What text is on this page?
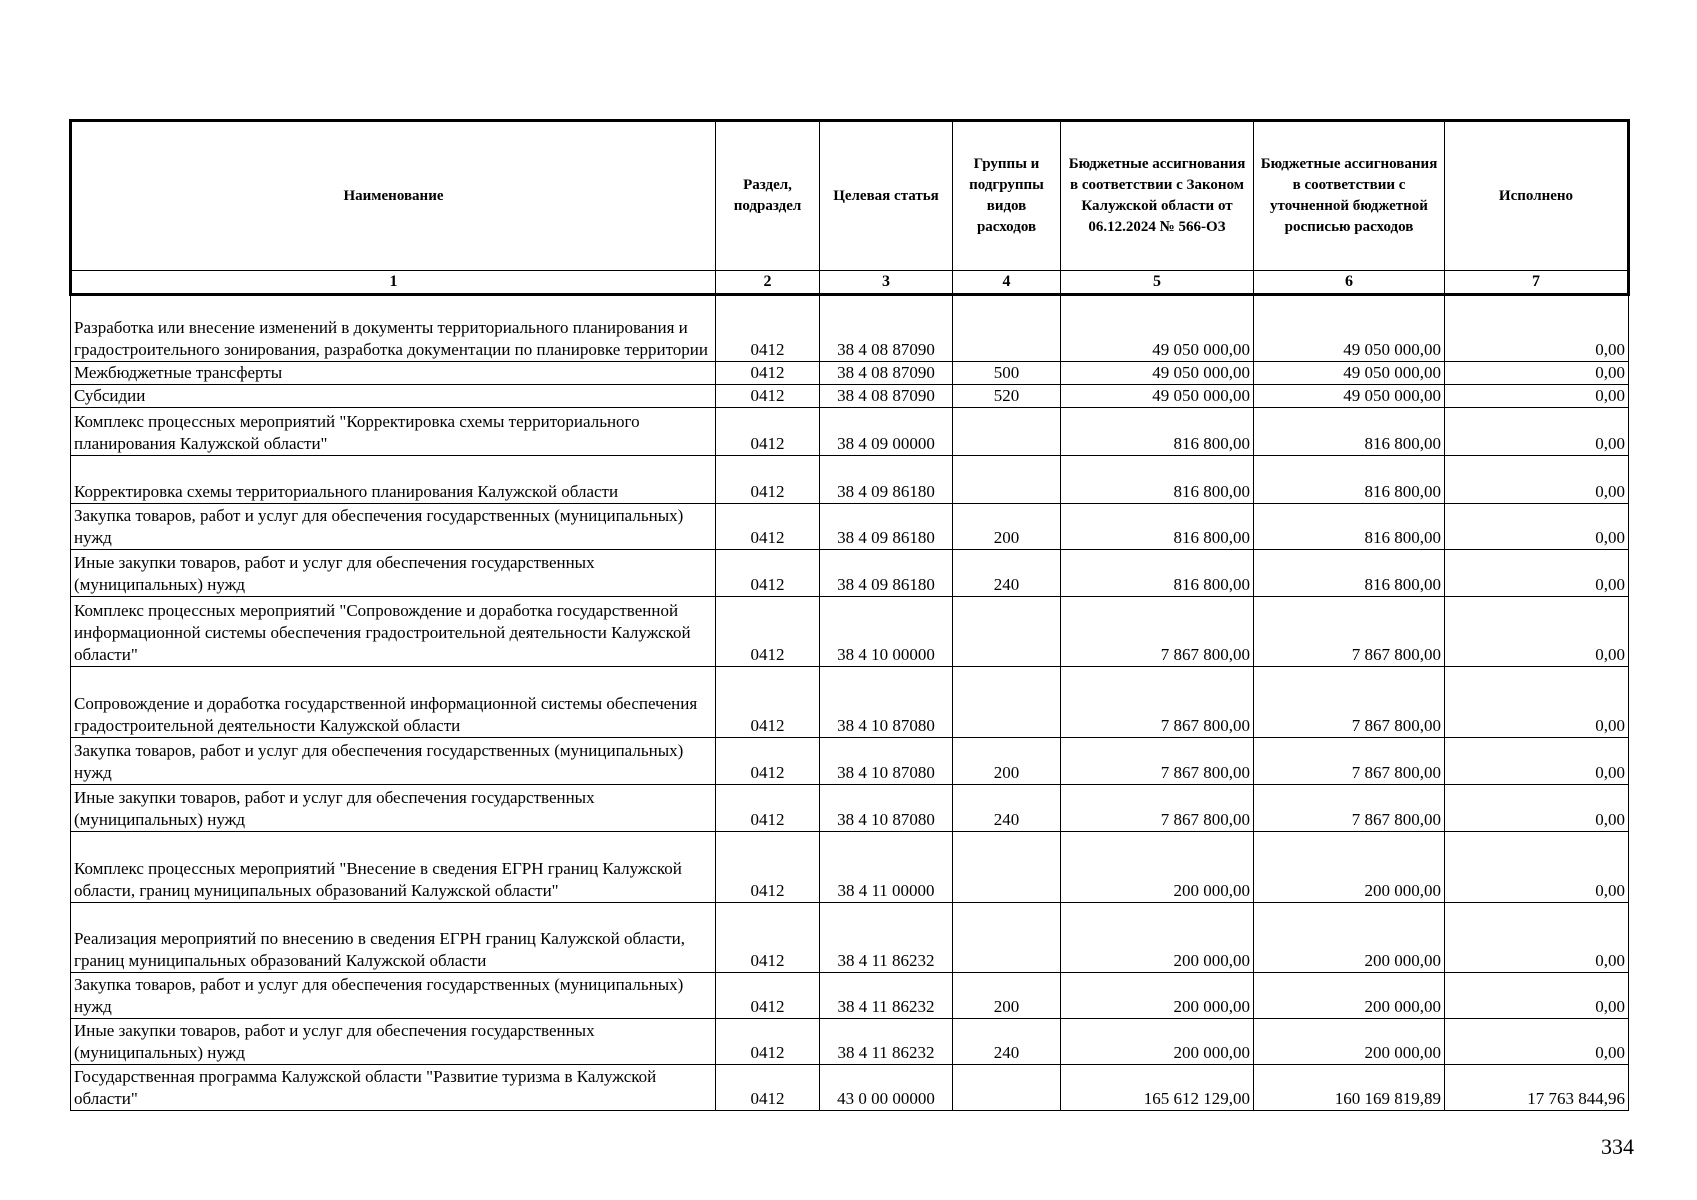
Наименование	Раздел, подраздел	Целевая статья	Группы и подгруппы видов расходов	Бюджетные ассигнования в соответствии с Законом Калужской области от 06.12.2024 № 566-ОЗ	Бюджетные ассигнования в соответствии с уточненной бюджетной росписью расходов	Исполнено
1	2	3	4	5	6	7
Разработка или внесение изменений в документы территориального планирования и градостроительного зонирования, разработка документации по планировке территории	0412	38 4 08 87090		49 050 000,00	49 050 000,00	0,00
Межбюджетные трансферты	0412	38 4 08 87090	500	49 050 000,00	49 050 000,00	0,00
Субсидии	0412	38 4 08 87090	520	49 050 000,00	49 050 000,00	0,00
Комплекс процессных мероприятий "Корректировка схемы территориального планирования Калужской области"	0412	38 4 09 00000		816 800,00	816 800,00	0,00
Корректировка схемы территориального планирования Калужской области	0412	38 4 09 86180		816 800,00	816 800,00	0,00
Закупка товаров, работ и услуг для обеспечения государственных (муниципальных) нужд	0412	38 4 09 86180	200	816 800,00	816 800,00	0,00
Иные закупки товаров, работ и услуг для обеспечения государственных (муниципальных) нужд	0412	38 4 09 86180	240	816 800,00	816 800,00	0,00
Комплекс процессных мероприятий "Сопровождение и доработка государственной информационной системы обеспечения градостроительной деятельности Калужской области"	0412	38 4 10 00000		7 867 800,00	7 867 800,00	0,00
Сопровождение и доработка государственной информационной системы обеспечения градостроительной деятельности Калужской области	0412	38 4 10 87080		7 867 800,00	7 867 800,00	0,00
Закупка товаров, работ и услуг для обеспечения государственных (муниципальных) нужд	0412	38 4 10 87080	200	7 867 800,00	7 867 800,00	0,00
Иные закупки товаров, работ и услуг для обеспечения государственных (муниципальных) нужд	0412	38 4 10 87080	240	7 867 800,00	7 867 800,00	0,00
Комплекс процессных мероприятий "Внесение в сведения ЕГРН границ Калужской области, границ муниципальных образований Калужской области"	0412	38 4 11 00000		200 000,00	200 000,00	0,00
Реализация мероприятий по внесению в сведения ЕГРН границ Калужской области, границ муниципальных образований Калужской области	0412	38 4 11 86232		200 000,00	200 000,00	0,00
Закупка товаров, работ и услуг для обеспечения государственных (муниципальных) нужд	0412	38 4 11 86232	200	200 000,00	200 000,00	0,00
Иные закупки товаров, работ и услуг для обеспечения государственных (муниципальных) нужд	0412	38 4 11 86232	240	200 000,00	200 000,00	0,00
Государственная программа Калужской области "Развитие туризма в Калужской области"	0412	43 0 00 00000		165 612 129,00	160 169 819,89	17 763 844,96
334
